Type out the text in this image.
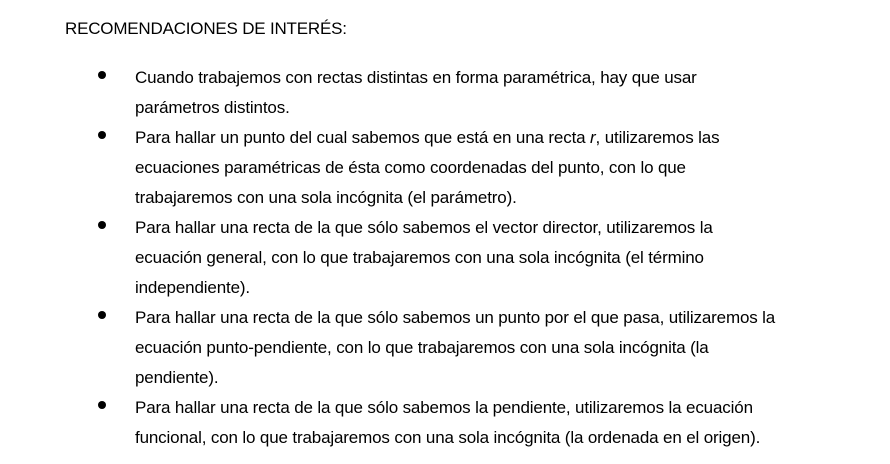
RECOMENDACIONES DE INTERÉS:
Cuando trabajemos con rectas distintas en forma paramétrica, hay que usar
parámetros distintos.
Para hallar un punto del cual sabemos que está en una recta r, utilizaremos las
ecuaciones paramétricas de ésta como coordenadas del punto, con lo que
trabajaremos con una sola incógnita (el parámetro).
Para hallar una recta de la que sólo sabemos el vector director, utilizaremos la
ecuación general, con lo que trabajaremos con una sola incógnita (el término
independiente).
Para hallar una recta de la que sólo sabemos un punto por el que pasa, utilizaremos la
ecuación punto-pendiente, con lo que trabajaremos con una sola incógnita (la
pendiente).
Para hallar una recta de la que sólo sabemos la pendiente, utilizaremos la ecuación
funcional, con lo que trabajaremos con una sola incógnita (la ordenada en el origen).
